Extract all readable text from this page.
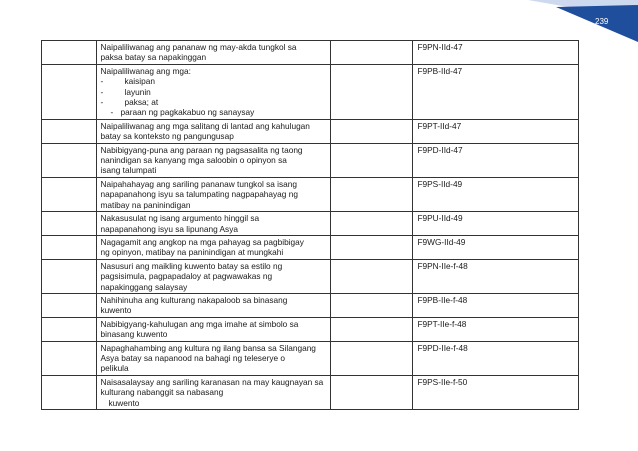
239

	Naipaliliwanag ang pananaw ng may-akda tungkol sa
paksa batay sa napakinggan		F9PN-IId-47

	Naipaliliwanag ang mga:
- kaisipan
- layunin
- paksa; at
- paraan ng pagkakabuo ng sanaysay		F9PB-IId-47

	Naipaliliwanag ang mga salitang di lantad ang kahulugan
batay sa konteksto ng pangungusap		F9PT-IId-47

	Nabibigyang-puna ang paraan ng pagsasalita ng taong
nanindigan sa kanyang mga saloobin o opinyon sa
isang talumpati		F9PD-IId-47

	Naipahahayag ang sariling pananaw tungkol sa isang
napapanahong isyu sa talumpating nagpapahayag ng
matibay na paninindigan		F9PS-IId-49

	Nakasusulat ng isang argumento hinggil sa
napapanahong isyu sa lipunang Asya		F9PU-IId-49

	Nagagamit ang angkop na mga pahayag sa pagbibigay
ng opinyon, matibay na paninindigan at mungkahi		F9WG-IId-49

	Nasusuri ang maikling kuwento batay sa estilo ng
pagsisimula, pagpapadaloy at pagwawakas ng
napakinggang salaysay		F9PN-IIe-f-48

	Nahihinuha ang kulturang nakapaloob sa binasang
kuwento		F9PB-IIe-f-48

	Nabibigyang-kahulugan ang mga imahe at simbolo sa
binasang kuwento		F9PT-IIe-f-48

	Napaghahambing ang kultura ng ilang bansa sa Silangang
Asya batay sa napanood na bahagi ng teleserye o
pelikula		F9PD-IIe-f-48

	Naisasalaysay ang sariling karanasan na may kaugnayan sa
kulturang nabanggit sa nabasang
kuwento		F9PS-IIe-f-50
